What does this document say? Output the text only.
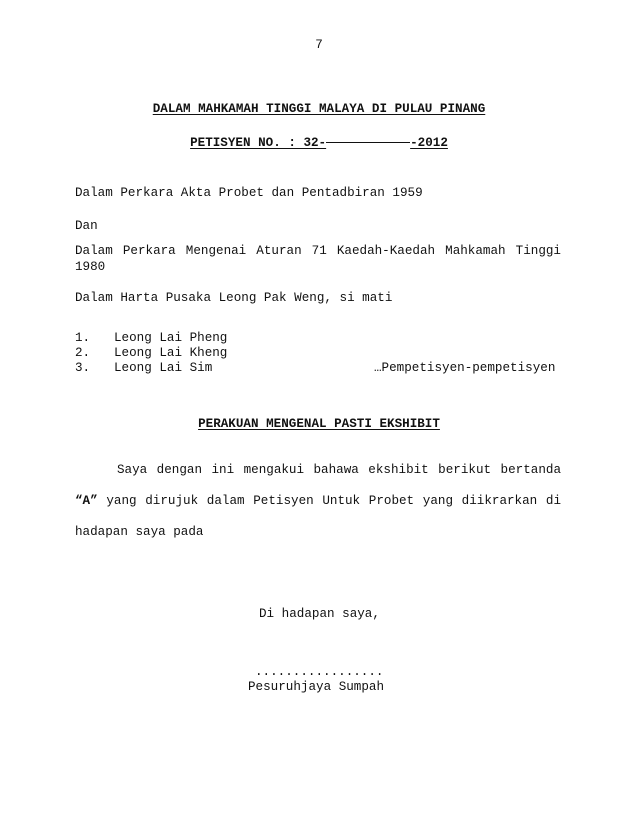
7
DALAM MAHKAMAH TINGGI MALAYA DI PULAU PINANG
PETISYEN NO. : 32-	-2012
Dalam Perkara Akta Probet dan Pentadbiran 1959
Dan
Dalam Perkara Mengenai Aturan 71 Kaedah-Kaedah Mahkamah Tinggi
1980
Dalam Harta Pusaka Leong Pak Weng, si mati
1. Leong Lai Pheng
2. Leong Lai Kheng
3. Leong Lai Sim	…Pempetisyen-pempetisyen
PERAKUAN MENGENAL PASTI EKSHIBIT
Saya dengan ini mengakui bahawa ekshibit berikut bertanda
“A” yang dirujuk dalam Petisyen Untuk Probet yang diikrarkan di
hadapan saya pada
Di hadapan saya,
.................
Pesuruhjaya Sumpah
